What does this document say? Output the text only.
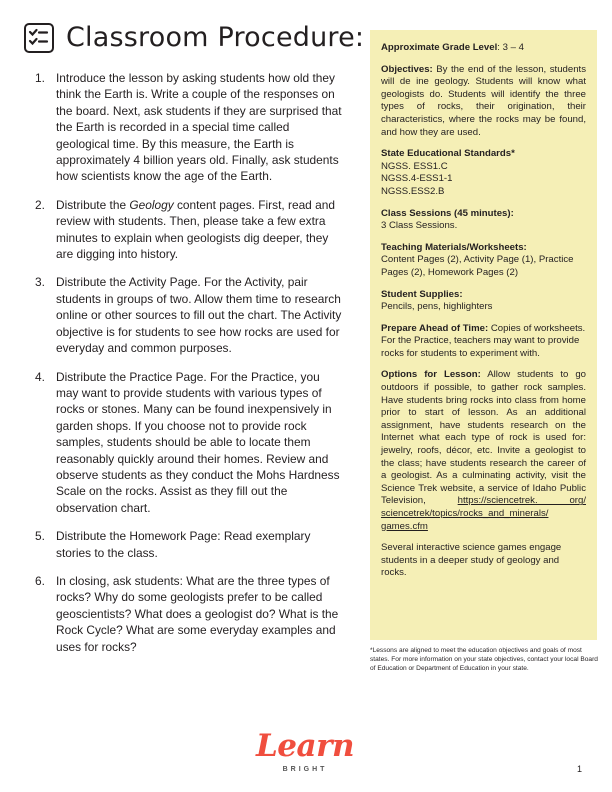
Classroom Procedure:
1. Introduce the lesson by asking students how old they think the Earth is. Write a couple of the responses on the board. Next, ask students if they are surprised that the Earth is recorded in a special time called geological time. By this measure, the Earth is approximately 4 billion years old. Finally, ask students how scientists know the age of the Earth.
2. Distribute the Geology content pages. First, read and review with students. Then, please take a few extra minutes to explain when geologists dig deeper, they are digging into history.
3. Distribute the Activity Page. For the Activity, pair students in groups of two. Allow them time to research online or other sources to fill out the chart. The Activity objective is for students to see how rocks are used for everyday and common purposes.
4. Distribute the Practice Page. For the Practice, you may want to provide students with various types of rocks or stones. Many can be found inexpensively in garden shops. If you choose not to provide rock samples, students should be able to locate them reasonably quickly around their homes. Review and observe students as they conduct the Mohs Hardness Scale on the rocks. Assist as they fill out the observation chart.
5. Distribute the Homework Page: Read exemplary stories to the class.
6. In closing, ask students: What are the three types of rocks? Why do some geologists prefer to be called geoscientists? What does a geologist do? What is the Rock Cycle? What are some everyday examples and uses for rocks?
Approximate Grade Level: 3 – 4
Objectives: By the end of the lesson, students will de ine geology. Students will know what geologists do. Students will identify the three types of rocks, their origination, their characteristics, where the rocks may be found, and how they are used.
State Educational Standards*
NGSS. ESS1.C
NGSS.4-ESS1-1
NGSS.ESS2.B
Class Sessions (45 minutes):
3 Class Sessions.
Teaching Materials/Worksheets:
Content Pages (2), Activity Page (1), Practice Pages (2), Homework Pages (2)
Student Supplies:
Pencils, pens, highlighters
Prepare Ahead of Time: Copies of worksheets. For the Practice, teachers may want to provide rocks for students to experiment with.
Options for Lesson: Allow students to go outdoors if possible, to gather rock samples. Have students bring rocks into class from home prior to start of lesson. As an additional assignment, have students research on the Internet what each type of rock is used for: jewelry, roofs, décor, etc. Invite a geologist to the class; have students research the career of a geologist. As a culminating activity, visit the Science Trek website, a service of Idaho Public Television, https://sciencetrek. org/ sciencetrek/topics/rocks_and_minerals/ games.cfm
Several interactive science games engage students in a deeper study of geology and rocks.
*Lessons are aligned to meet the education objectives and goals of most states. For more information on your state objectives, contact your local Board of Education or Department of Education in your state.
Learn
BRIGHT	1
